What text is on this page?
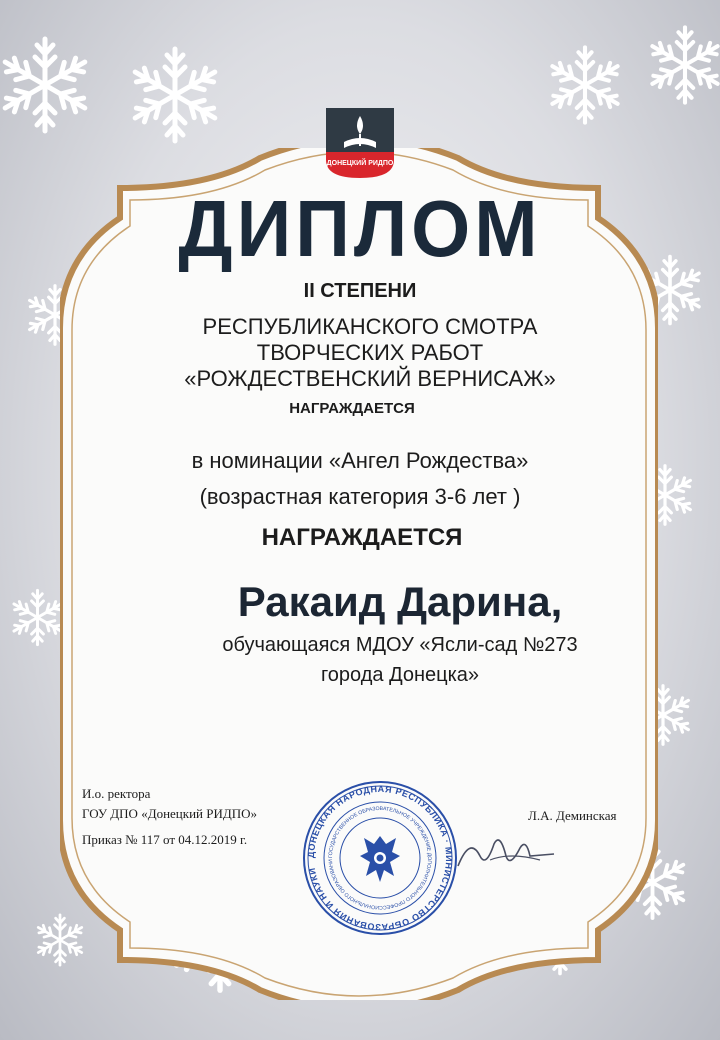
ДОНЕЦКИЙ РИДПО
ДИПЛОМ
II СТЕПЕНИ
РЕСПУБЛИКАНСКОГО СМОТРА
ТВОРЧЕСКИХ РАБОТ
«РОЖДЕСТВЕНСКИЙ ВЕРНИСАЖ»
НАГРАЖДАЕТСЯ
в номинации «Ангел Рождества»
(возрастная категория 3-6 лет )
НАГРАЖДАЕТСЯ
Ракаид Дарина,
обучающаяся МДОУ «Ясли-сад №273
города Донецка»
И.о. ректора
ГОУ ДПО «Донецкий РИДПО»
Приказ № 117 от 04.12.2019 г.
Л.А. Деминская
ДОНЕЦКАЯ НАРОДНАЯ РЕСПУБЛИКА · МИНИСТЕРСТВО ОБРАЗОВАНИЯ И НАУКИ
ГОСУДАРСТВЕННОЕ ОБРАЗОВАТЕЛЬНОЕ УЧРЕЖДЕНИЕ ДОПОЛНИТЕЛЬНОГО ПРОФЕССИОНАЛЬНОГО ОБРАЗОВАНИ
